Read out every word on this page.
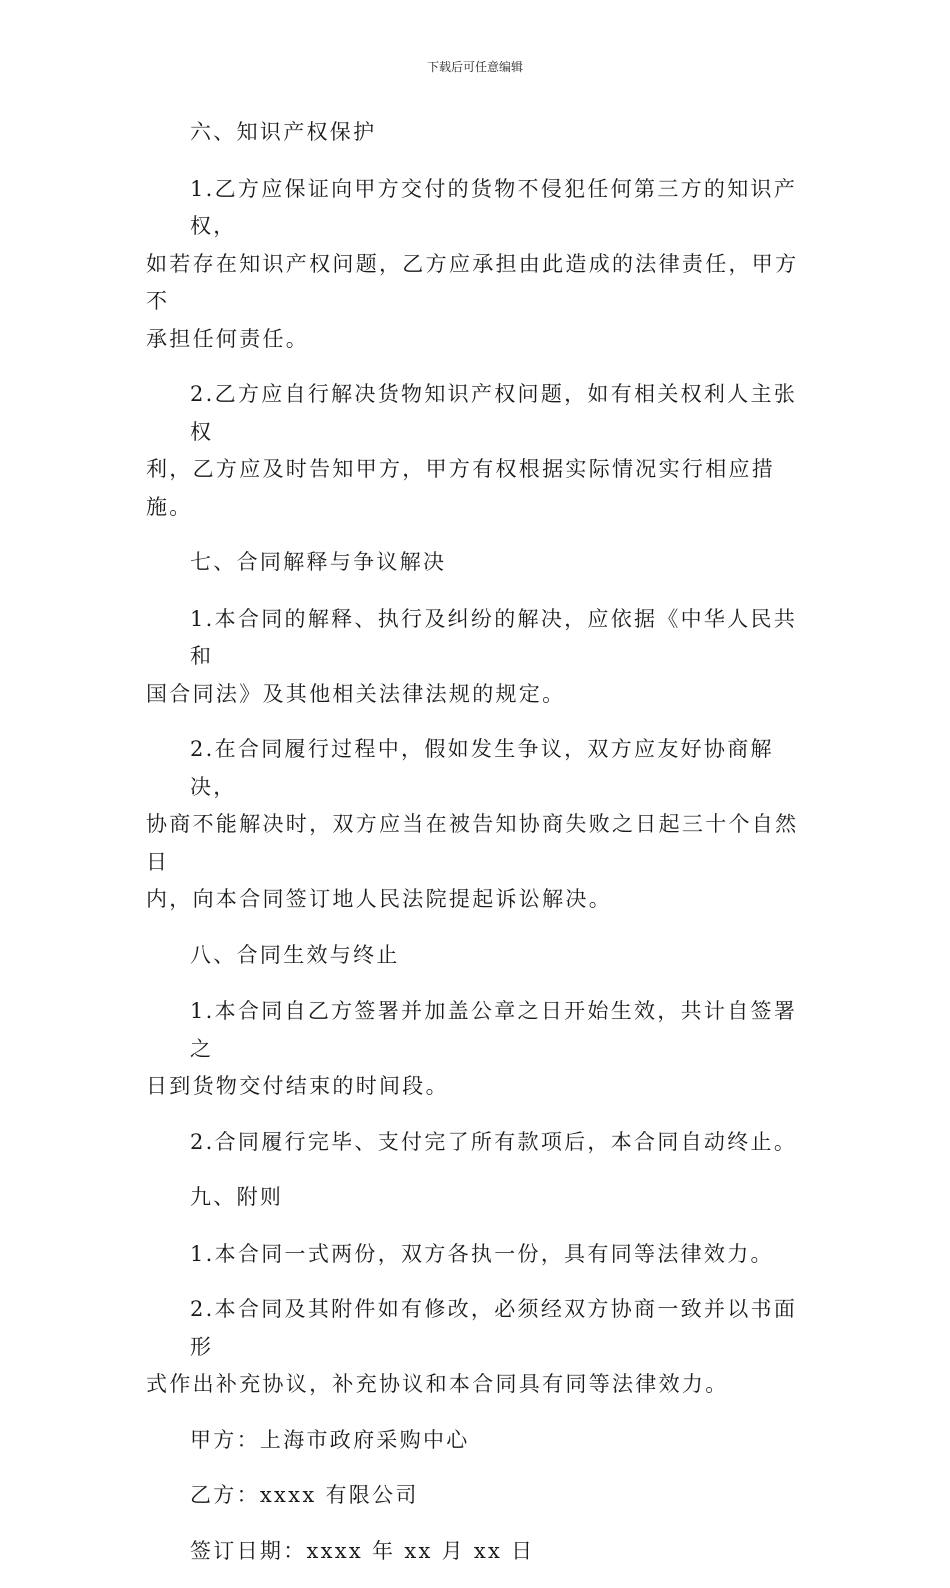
下载后可任意编辑
六、知识产权保护
1.乙方应保证向甲方交付的货物不侵犯任何第三方的知识产权，
如若存在知识产权问题，乙方应承担由此造成的法律责任，甲方不
承担任何责任。
2.乙方应自行解决货物知识产权问题，如有相关权利人主张权
利，乙方应及时告知甲方，甲方有权根据实际情况实行相应措施。
七、合同解释与争议解决
1.本合同的解释、执行及纠纷的解决，应依据《中华人民共和
国合同法》及其他相关法律法规的规定。
2.在合同履行过程中，假如发生争议，双方应友好协商解决，
协商不能解决时，双方应当在被告知协商失败之日起三十个自然日
内，向本合同签订地人民法院提起诉讼解决。
八、合同生效与终止
1.本合同自乙方签署并加盖公章之日开始生效，共计自签署之
日到货物交付结束的时间段。
2.合同履行完毕、支付完了所有款项后，本合同自动终止。
九、附则
1.本合同一式两份，双方各执一份，具有同等法律效力。
2.本合同及其附件如有修改，必须经双方协商一致并以书面形
式作出补充协议，补充协议和本合同具有同等法律效力。
甲方：上海市政府采购中心
乙方：xxxx 有限公司
签订日期：xxxx 年 xx 月 xx 日
